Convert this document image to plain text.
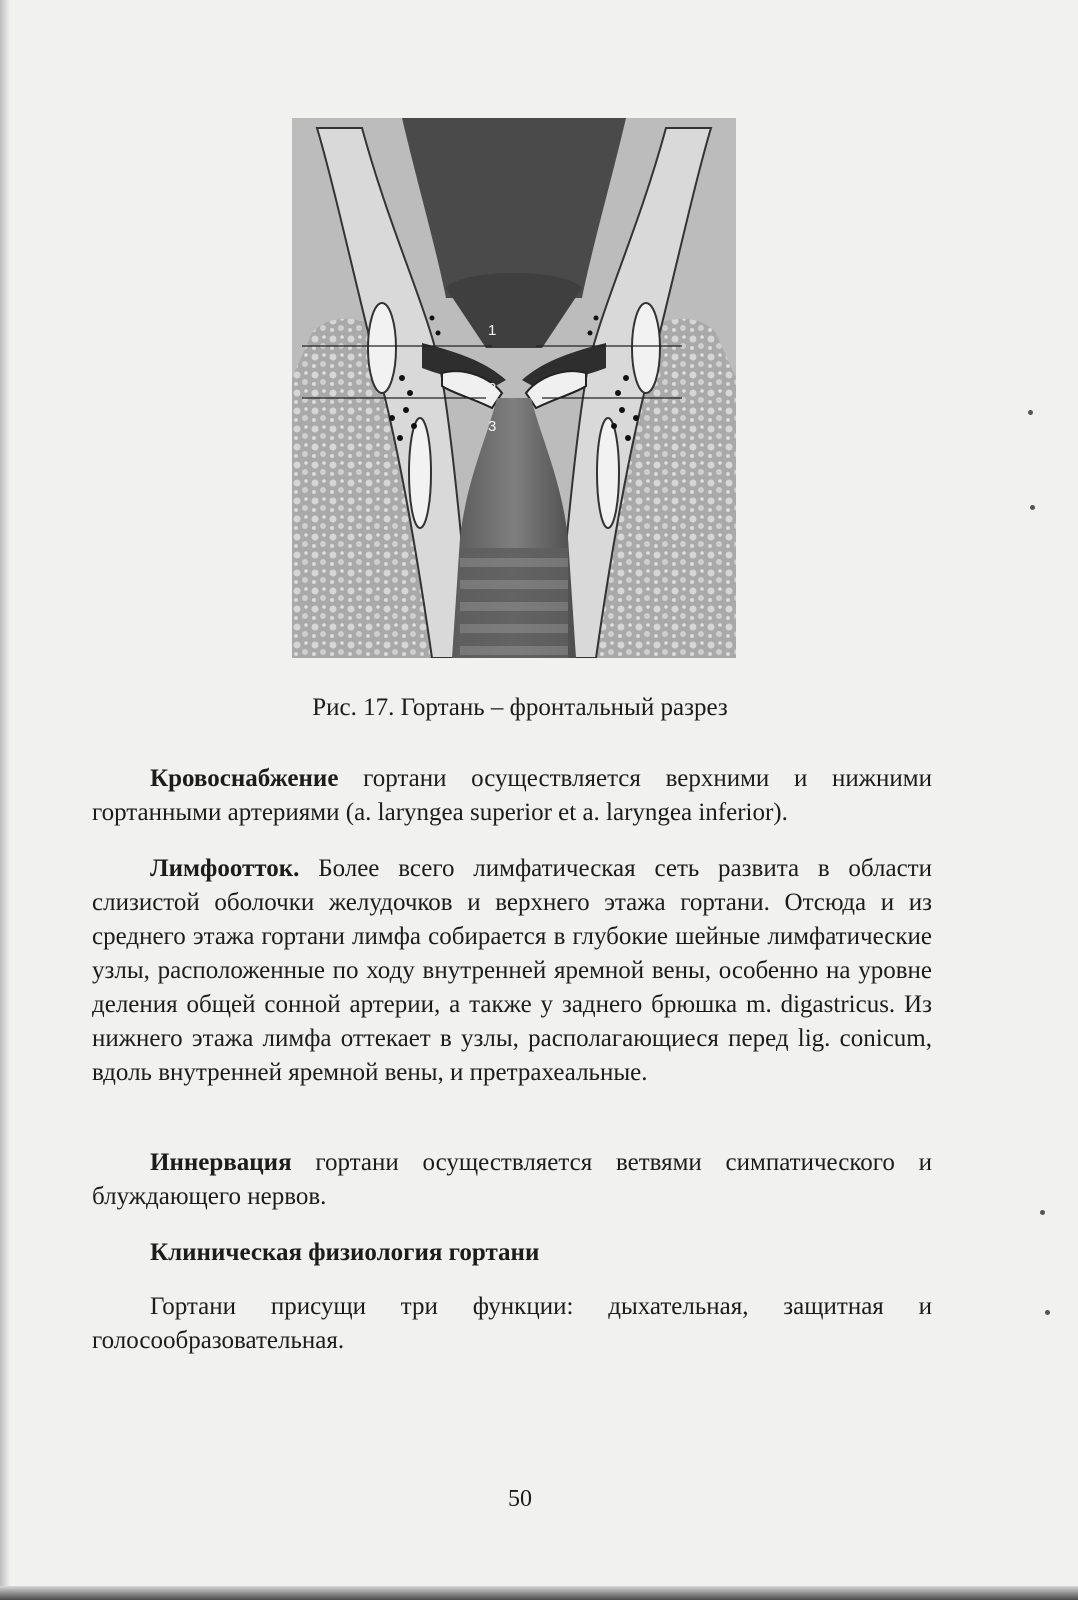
1
2
3
Рис. 17. Гортань – фронтальный разрез

Кровоснабжение гортани осуществляется верхними и нижними гортанными артериями (a. laryngea superior et a. laryngea inferior).

Лимфоотток. Более всего лимфатическая сеть развита в области слизистой оболочки желудочков и верхнего этажа гортани. Отсюда и из среднего этажа гортани лимфа собирается в глубокие шейные лимфатические узлы, расположенные по ходу внутренней яремной вены, особенно на уровне деления общей сонной артерии, а также у заднего брюшка m. digastricus. Из нижнего этажа лимфа оттекает в узлы, располагающиеся перед lig. conicum, вдоль внутренней яремной вены, и претрахеальные.

Иннервация гортани осуществляется ветвями симпатического и блуждающего нервов.

Клиническая физиология гортани

Гортани присущи три функции: дыхательная, защитная и голосообразовательная.

50
